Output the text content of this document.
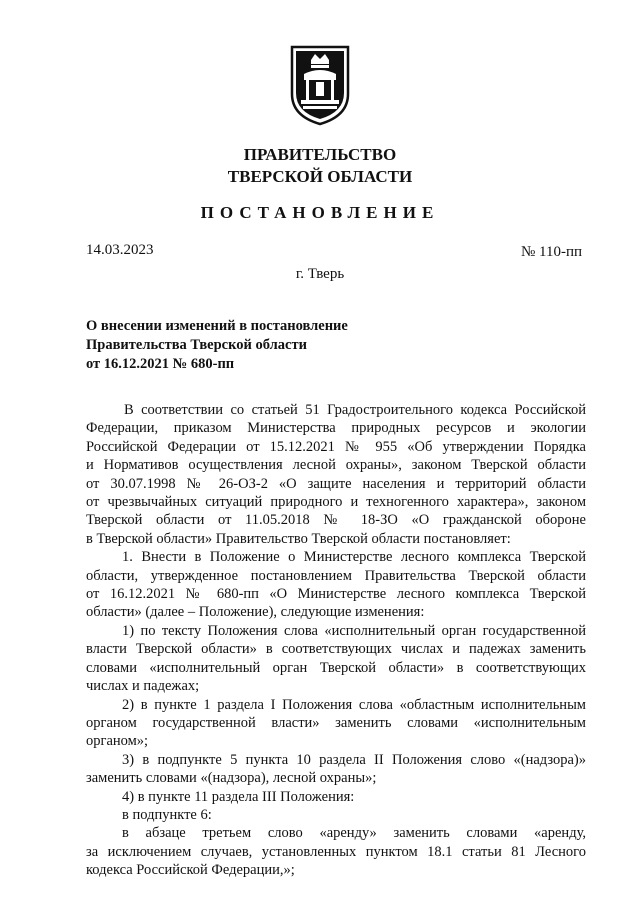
ПРАВИТЕЛЬСТВО
ТВЕРСКОЙ ОБЛАСТИ
ПОСТАНОВЛЕНИЕ
14.03.2023	№ 110-пп
г. Тверь
О внесении изменений в постановление
Правительства Тверской области
от 16.12.2021 № 680-пп
В соответствии со статьей 51 Градостроительного кодекса Российской
Федерации, приказом Министерства природных ресурсов и экологии
Российской Федерации от 15.12.2021 № 955 «Об утверждении Порядка
и Нормативов осуществления лесной охраны», законом Тверской области
от 30.07.1998 № 26-ОЗ-2 «О защите населения и территорий области
от чрезвычайных ситуаций природного и техногенного характера», законом
Тверской области от 11.05.2018 № 18-ЗО «О гражданской обороне
в Тверской области» Правительство Тверской области постановляет:
1. Внести в Положение о Министерстве лесного комплекса Тверской
области, утвержденное постановлением Правительства Тверской области
от 16.12.2021 № 680-пп «О Министерстве лесного комплекса Тверской
области» (далее – Положение), следующие изменения:
1) по тексту Положения слова «исполнительный орган государственной
власти Тверской области» в соответствующих числах и падежах заменить
словами «исполнительный орган Тверской области» в соответствующих
числах и падежах;
2) в пункте 1 раздела I Положения слова «областным исполнительным
органом государственной власти» заменить словами «исполнительным
органом»;
3) в подпункте 5 пункта 10 раздела II Положения слово «(надзора)»
заменить словами «(надзора), лесной охраны»;
4) в пункте 11 раздела III Положения:
в подпункте 6:
в абзаце третьем слово «аренду» заменить словами «аренду,
за исключением случаев, установленных пунктом 18.1 статьи 81 Лесного
кодекса Российской Федерации,»;
